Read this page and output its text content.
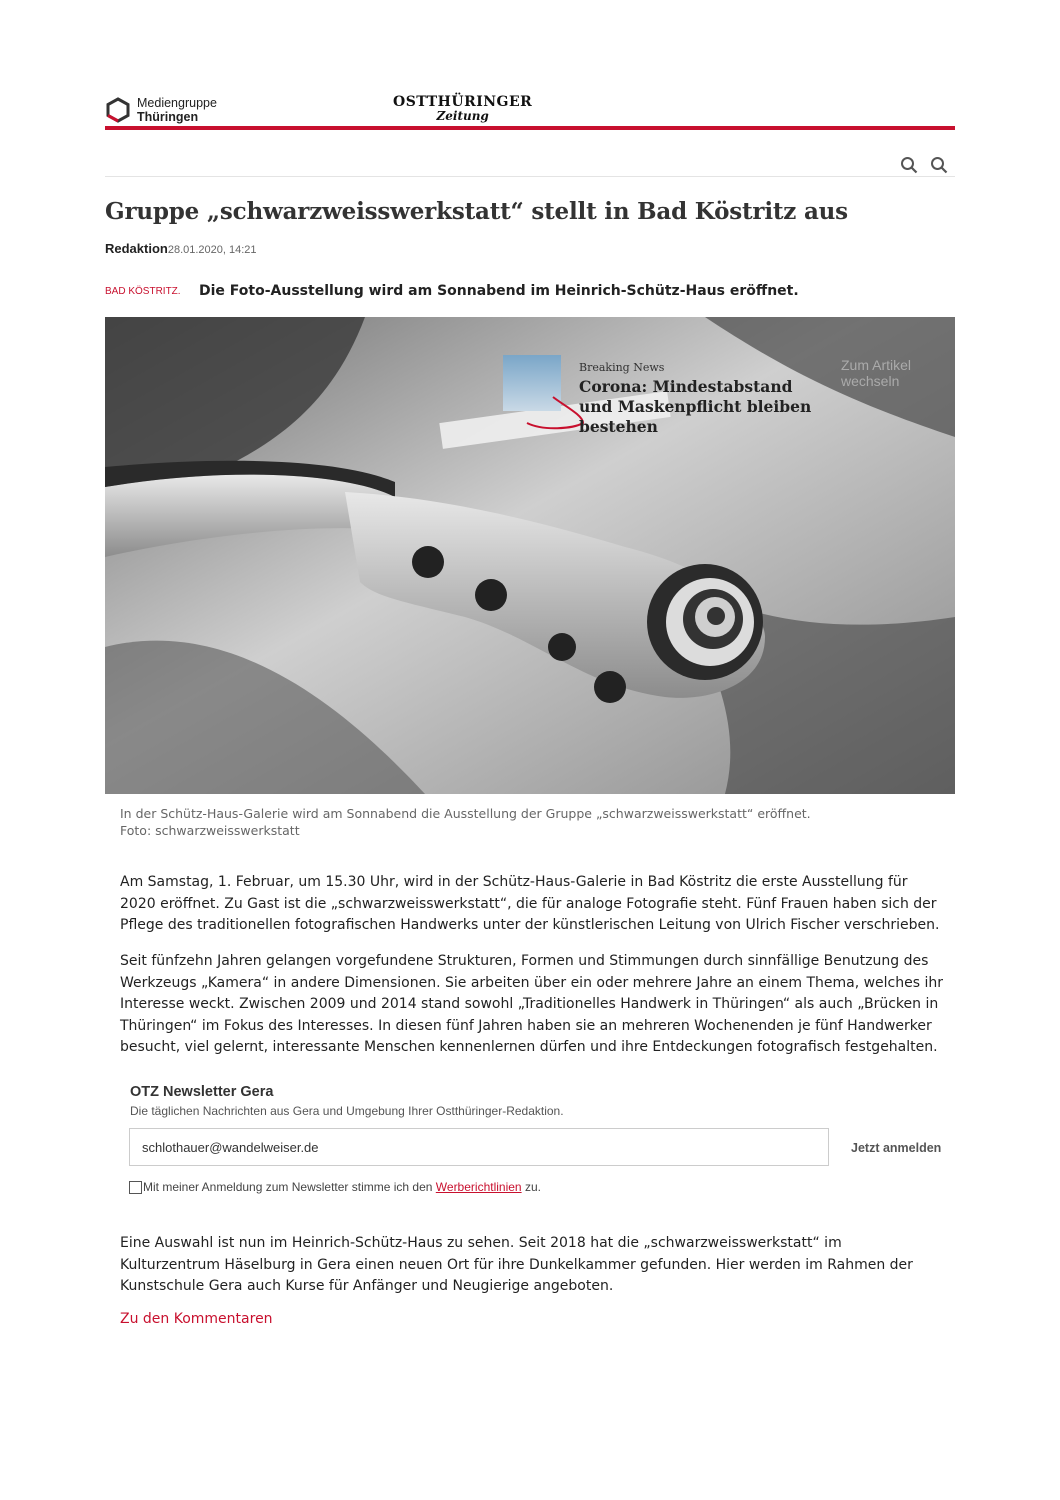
Mediengruppe
Thüringen
OSTTHÜRINGER
Zeitung
Gruppe „schwarzweisswerkstatt“ stellt in Bad Köstritz aus
Redaktion28.01.2020, 14:21
BAD KÖSTRITZ. Die Foto-Ausstellung wird am Sonnabend im Heinrich-Schütz-Haus eröffnet.
Breaking News
Corona: Mindestabstand und Maskenpflicht bleiben bestehen
Zum Artikel wechseln
In der Schütz-Haus-Galerie wird am Sonnabend die Ausstellung der Gruppe „schwarzweisswerkstatt“ eröffnet.
Foto: schwarzweisswerkstatt

Am Samstag, 1. Februar, um 15.30 Uhr, wird in der Schütz-Haus-Galerie in Bad Köstritz die erste Ausstellung für 2020 eröffnet. Zu Gast ist die „schwarzweisswerkstatt“, die für analoge Fotografie steht. Fünf Frauen haben sich der Pflege des traditionellen fotografischen Handwerks unter der künstlerischen Leitung von Ulrich Fischer verschrieben.

Seit fünfzehn Jahren gelangen vorgefundene Strukturen, Formen und Stimmungen durch sinnfällige Benutzung des Werkzeugs „Kamera“ in andere Dimensionen. Sie arbeiten über ein oder mehrere Jahre an einem Thema, welches ihr Interesse weckt. Zwischen 2009 und 2014 stand sowohl „Traditionelles Handwerk in Thüringen“ als auch „Brücken in Thüringen“ im Fokus des Interesses. In diesen fünf Jahren haben sie an mehreren Wochenenden je fünf Handwerker besucht, viel gelernt, interessante Menschen kennenlernen dürfen und ihre Entdeckungen fotografisch festgehalten.

OTZ Newsletter Gera
Die täglichen Nachrichten aus Gera und Umgebung Ihrer Ostthüringer-Redaktion.
schlothauer@wandelweiser.de	Jetzt anmelden
Mit meiner Anmeldung zum Newsletter stimme ich den Werberichtlinien zu.

Eine Auswahl ist nun im Heinrich-Schütz-Haus zu sehen. Seit 2018 hat die „schwarzweisswerkstatt“ im Kulturzentrum Häselburg in Gera einen neuen Ort für ihre Dunkelkammer gefunden. Hier werden im Rahmen der Kunstschule Gera auch Kurse für Anfänger und Neugierige angeboten.

Zu den Kommentaren
